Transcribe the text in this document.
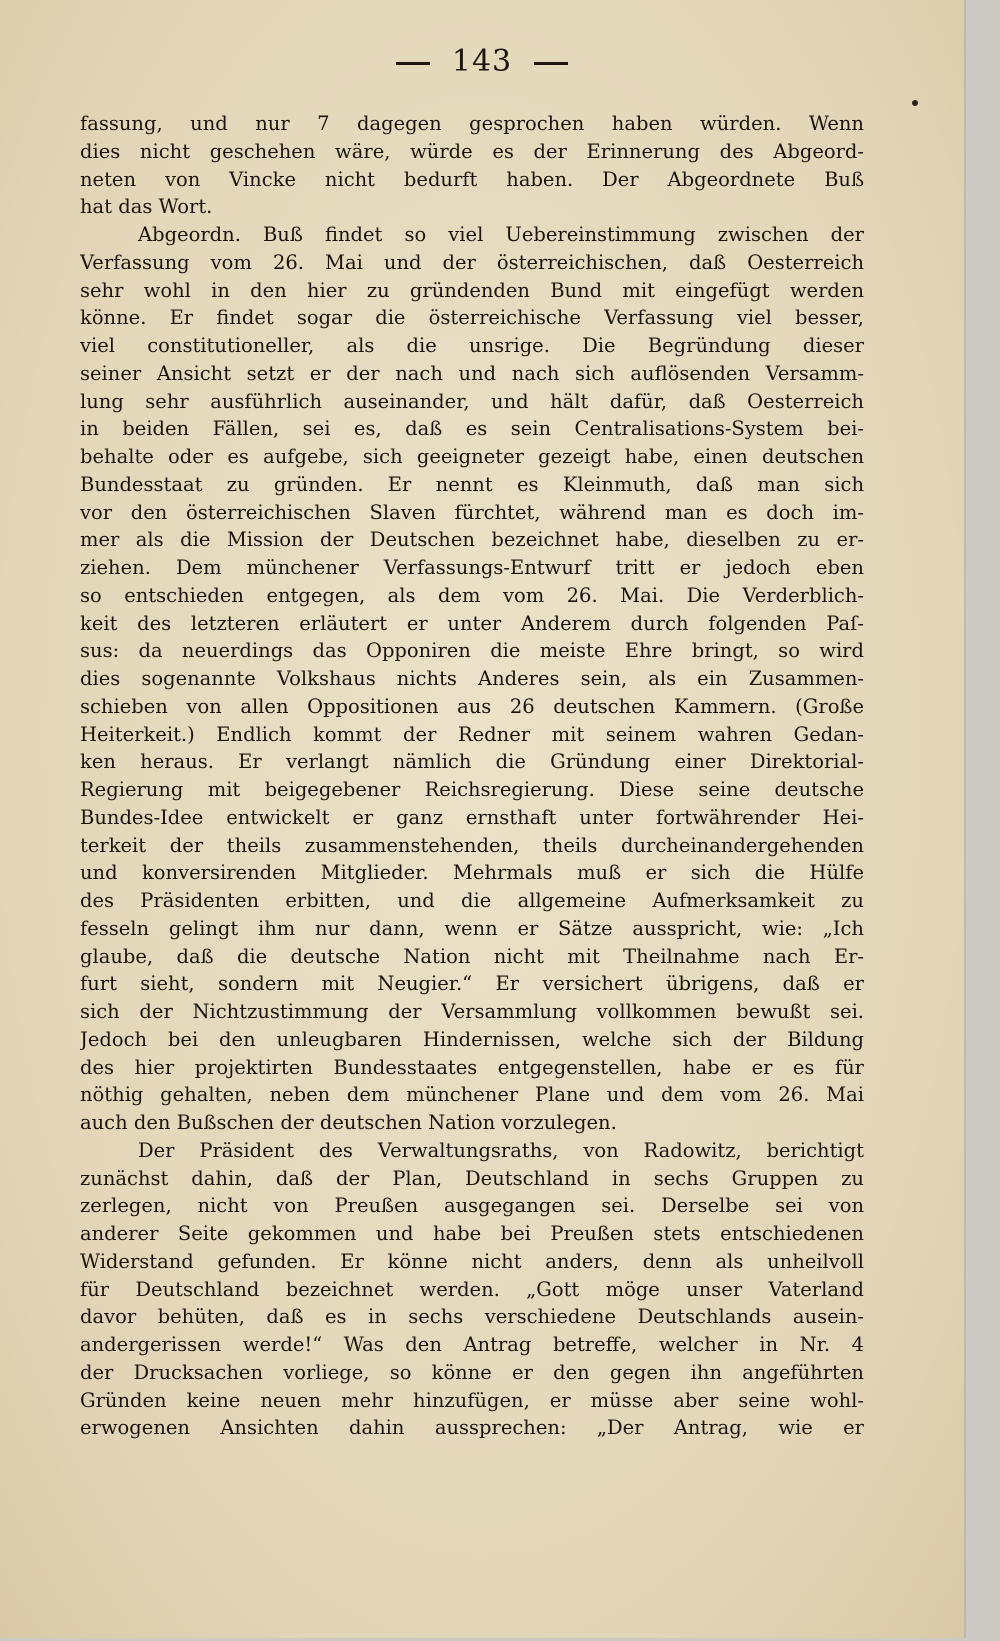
143
fassung, und nur 7 dagegen gesprochen haben würden. Wenn
dies nicht geschehen wäre, würde es der Erinnerung des Abgeord-
neten von Vincke nicht bedurft haben. Der Abgeordnete Buß
hat das Wort.
Abgeordn. Buß findet so viel Uebereinstimmung zwischen der
Verfassung vom 26. Mai und der österreichischen, daß Oesterreich
sehr wohl in den hier zu gründenden Bund mit eingefügt werden
könne. Er findet sogar die österreichische Verfassung viel besser,
viel constitutioneller, als die unsrige. Die Begründung dieser
seiner Ansicht setzt er der nach und nach sich auflösenden Versamm-
lung sehr ausführlich auseinander, und hält dafür, daß Oesterreich
in beiden Fällen, sei es, daß es sein Centralisations-System bei-
behalte oder es aufgebe, sich geeigneter gezeigt habe, einen deutschen
Bundesstaat zu gründen. Er nennt es Kleinmuth, daß man sich
vor den österreichischen Slaven fürchtet, während man es doch im-
mer als die Mission der Deutschen bezeichnet habe, dieselben zu er-
ziehen. Dem münchener Verfassungs-Entwurf tritt er jedoch eben
so entschieden entgegen, als dem vom 26. Mai. Die Verderblich-
keit des letzteren erläutert er unter Anderem durch folgenden Paſ-
sus: da neuerdings das Opponiren die meiste Ehre bringt, so wird
dies sogenannte Volkshaus nichts Anderes sein, als ein Zusammen-
schieben von allen Oppositionen aus 26 deutschen Kammern. (Große
Heiterkeit.) Endlich kommt der Redner mit seinem wahren Gedan-
ken heraus. Er verlangt nämlich die Gründung einer Direktorial-
Regierung mit beigegebener Reichsregierung. Diese seine deutsche
Bundes-Idee entwickelt er ganz ernsthaft unter fortwährender Hei-
terkeit der theils zusammenstehenden, theils durcheinandergehenden
und konversirenden Mitglieder. Mehrmals muß er sich die Hülfe
des Präsidenten erbitten, und die allgemeine Aufmerksamkeit zu
fesseln gelingt ihm nur dann, wenn er Sätze ausspricht, wie: „Ich
glaube, daß die deutsche Nation nicht mit Theilnahme nach Er-
furt sieht, sondern mit Neugier.“ Er versichert übrigens, daß er
sich der Nichtzustimmung der Versammlung vollkommen bewußt sei.
Jedoch bei den unleugbaren Hindernissen, welche sich der Bildung
des hier projektirten Bundesstaates entgegenstellen, habe er es für
nöthig gehalten, neben dem münchener Plane und dem vom 26. Mai
auch den Bußschen der deutschen Nation vorzulegen.
Der Präsident des Verwaltungsraths, von Radowitz, berichtigt
zunächst dahin, daß der Plan, Deutschland in sechs Gruppen zu
zerlegen, nicht von Preußen ausgegangen sei. Derselbe sei von
anderer Seite gekommen und habe bei Preußen stets entschiedenen
Widerstand gefunden. Er könne nicht anders, denn als unheilvoll
für Deutschland bezeichnet werden. „Gott möge unser Vaterland
davor behüten, daß es in sechs verschiedene Deutschlands ausein-
andergerissen werde!“ Was den Antrag betreffe, welcher in Nr. 4
der Drucksachen vorliege, so könne er den gegen ihn angeführten
Gründen keine neuen mehr hinzufügen, er müsse aber seine wohl-
erwogenen Ansichten dahin aussprechen: „Der Antrag, wie er
